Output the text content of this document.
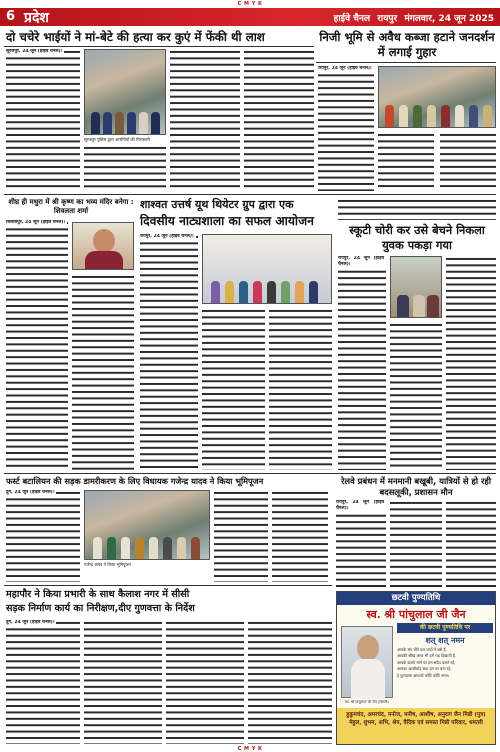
C M Y K
6 प्रदेश	हाईवे चैनल रायपुर मंगलवार, 24 जून 2025
दो चचेरे भाईयों ने मां-बेटे की हत्या कर कुएं में फेंकी थी लाश
सूरजपुर, 24 जून (हाईवे चैनल)।
सूरजपुर पुलिस द्वारा आरोपियों की गिरफ्तारी
निजी भूमि से अवैध कब्जा हटाने जनदर्शन में लगाई गुहार
रायपुर, 24 जून (हाईवे चैनल)।
शीघ्र ही मथुरा में श्री कृष्ण का भव्य मंदिर बनेगा : शिवलता शर्मा
बिलासपुर, 24 जून (हाईवे चैनल)।
शाश्वत उत्तर्ष यूथ थियेटर ग्रुप द्वारा एक
दिवसीय नाट्यशाला का सफल आयोजन
रायपुर, 24 जून (हाईवे चैनल)।	स्कूटी चोरी कर उसे बेचने निकला युवक पकड़ा गया
रायपुर, 24 जून (हाईवे चैनल)।
फर्स्ट बटालियन की सड़क डामरीकरण के लिए विधायक गजेन्द्र यादव ने किया भूमिपूजन
दुर्ग, 24 जून (हाईवे चैनल)।
गजेन्द्र यादव ने किया भूमिपूजन
रेलवे प्रबंधन में मनमानी बखूबी, यात्रियों से हो रही बदसलूकी, प्रशासन मौन
रायपुर, 24 जून (हाईवे चैनल)।
महापौर ने किया प्रभारी के साथ कैलाश नगर में सीसी
सड़क निर्माण कार्य का निरीक्षण,दीए गुणवत्ता के निर्देश
दुर्ग, 24 जून (हाईवे चैनल)।
छटवी पुण्यतिथि
स्व. श्री पांचुलाल जी जैन
की छटवी पुण्यतिथि पर
शत् शत् नमन
स्व. श्री पांचुलाल जी जैन (बिल्ली)
आपके संग बीते पल यादों में बसे हैं,
आपकी सीख आज भी हमें राह दिखाती है,
आपके बताये मार्ग पर हम सदैव चलते रहें,
आपका आशीर्वाद सदा हम पर बना रहे,
हे पुण्यात्मा आपको कोटि कोटि नमन।
हुकुमचंद, अमरचंद, मनोज, मनीष, आशीष, अनुराग जैन मिन्नी (पुत्र) मेहुल, शुभम, अभि, श्रेय, वैदिक एवं समस्त मिन्नी परिवार, धमतरी
C M Y K
